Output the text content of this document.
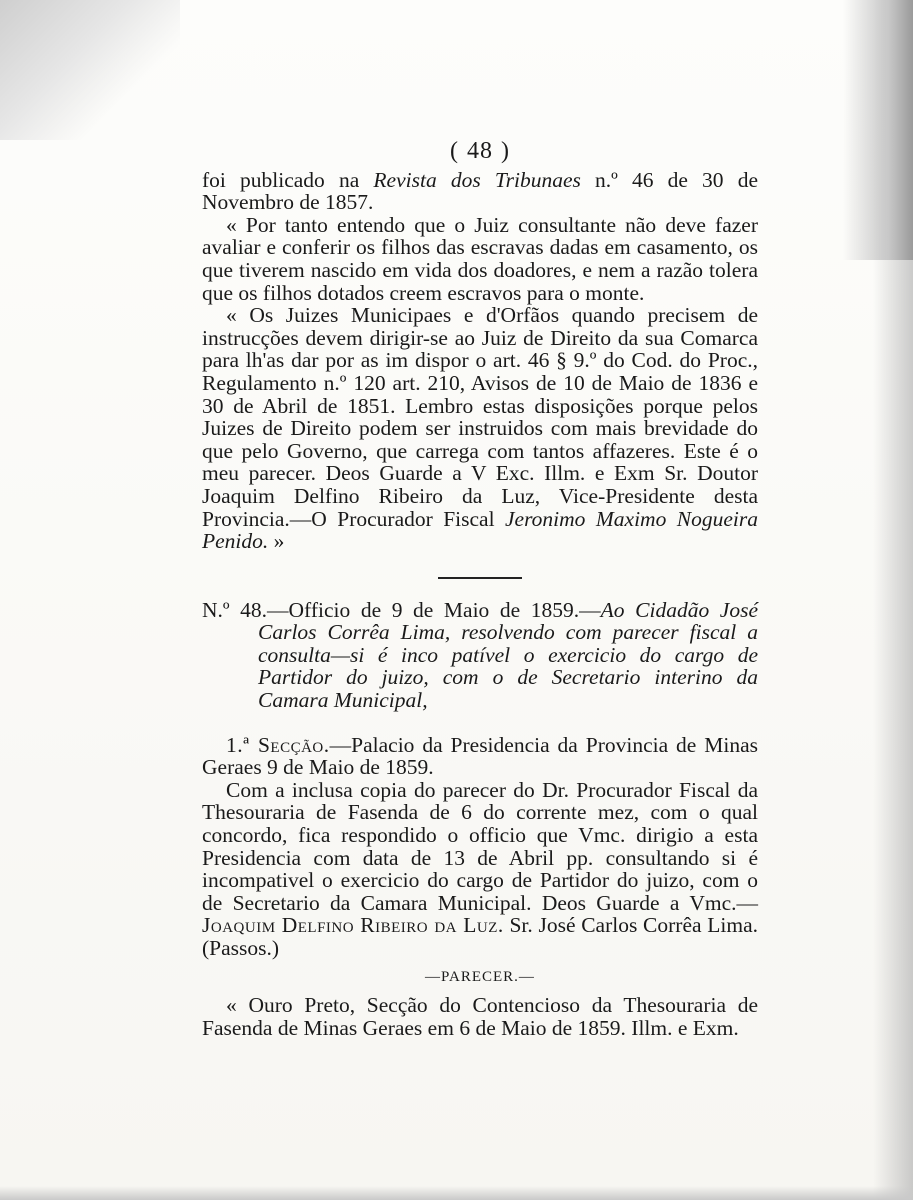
( 48 )

foi publicado na Revista dos Tribunaes n.º 46 de 30 de Novembro de 1857.

« Por tanto entendo que o Juiz consultante não deve fazer avaliar e conferir os filhos das escravas dadas em casamento, os que tiverem nascido em vida dos doadores, e nem a razão tolera que os filhos dotados creem escravos para o monte.

« Os Juizes Municipaes e d'Orfãos quando precisem de instrucções devem dirigir-se ao Juiz de Direito da sua Comarca para lh'as dar por as im dispor o art. 46 § 9.º do Cod. do Proc., Regulamento n.º 120 art. 210, Avisos de 10 de Maio de 1836 e 30 de Abril de 1851. Lembro estas disposições porque pelos Juizes de Direito podem ser instruidos com mais brevidade do que pelo Governo, que carrega com tantos affazeres. Este é o meu parecer. Deos Guarde a V Exc. Illm. e Exm Sr. Doutor Joaquim Delfino Ribeiro da Luz, Vice-Presidente desta Provincia.—O Procurador Fiscal Jeronimo Maximo Nogueira Penido. »

N.º 48.—Officio de 9 de Maio de 1859.—Ao Cidadão José Carlos Corrêa Lima, resolvendo com parecer fiscal a consulta—si é inco patível o exercicio do cargo de Partidor do juizo, com o de Secretario interino da Camara Municipal,

1.ª Secção.—Palacio da Presidencia da Provincia de Minas Geraes 9 de Maio de 1859.

Com a inclusa copia do parecer do Dr. Procurador Fiscal da Thesouraria de Fasenda de 6 do corrente mez, com o qual concordo, fica respondido o officio que Vmc. dirigio a esta Presidencia com data de 13 de Abril pp. consultando si é incompativel o exercicio do cargo de Partidor do juizo, com o de Secretario da Camara Municipal. Deos Guarde a Vmc.— Joaquim Delfino Ribeiro da Luz. Sr. José Carlos Corrêa Lima. (Passos.)

—PARECER.—

« Ouro Preto, Secção do Contencioso da Thesouraria de Fasenda de Minas Geraes em 6 de Maio de 1859. Illm. e Exm.
